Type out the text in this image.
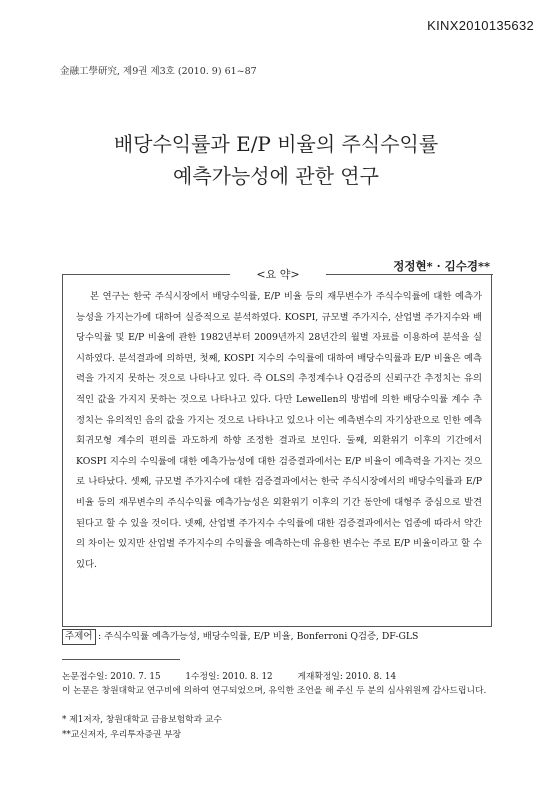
KINX2010135632
金融工學研究, 제9권 제3호 (2010. 9) 61~87
배당수익률과 E/P 비율의 주식수익률
예측가능성에 관한 연구
정정현* · 김수경**
<요 약>

본 연구는 한국 주식시장에서 배당수익률, E/P 비율 등의 재무변수가 주식수익률에 대한 예측가능성을 가지는가에 대하여 실증적으로 분석하였다. KOSPI, 규모별 주가지수, 산업별 주가지수와 배당수익률 및 E/P 비율에 관한 1982년부터 2009년까지 28년간의 월별 자료를 이용하여 분석을 실시하였다. 분석결과에 의하면, 첫째, KOSPI 지수의 수익률에 대하여 배당수익률과 E/P 비율은 예측력을 가지지 못하는 것으로 나타나고 있다. 즉 OLS의 추정계수나 Q검증의 신뢰구간 추정치는 유의적인 값을 가지지 못하는 것으로 나타나고 있다. 다만 Lewellen의 방법에 의한 배당수익률 계수 추정치는 유의적인 음의 값을 가지는 것으로 나타나고 있으나 이는 예측변수의 자기상관으로 인한 예측회귀모형 계수의 편의를 과도하게 하향 조정한 결과로 보인다. 둘째, 외환위기 이후의 기간에서 KOSPI 지수의 수익률에 대한 예측가능성에 대한 검증결과에서는 E/P 비율이 예측력을 가지는 것으로 나타났다. 셋째, 규모별 주가지수에 대한 검증결과에서는 한국 주식시장에서의 배당수익률과 E/P 비율 등의 재무변수의 주식수익률 예측가능성은 외환위기 이후의 기간 동안에 대형주 중심으로 발견된다고 할 수 있을 것이다. 넷째, 산업별 주가지수 수익률에 대한 검증결과에서는 업종에 따라서 약간의 차이는 있지만 산업별 주가지수의 수익률을 예측하는데 유용한 변수는 주로 E/P 비율이라고 할 수 있다.

주제어 : 주식수익률 예측가능성, 배당수익률, E/P 비율, Bonferroni Q검증, DF-GLS
논문접수일: 2010. 7. 15	1수정일: 2010. 8. 12	게재확정일: 2010. 8. 14
이 논문은 창원대학교 연구비에 의하여 연구되었으며, 유익한 조언을 해 주신 두 분의 심사위원께 감사드립니다.
* 제1저자, 창원대학교 금융보험학과 교수
**교신저자, 우리투자증권 부장
